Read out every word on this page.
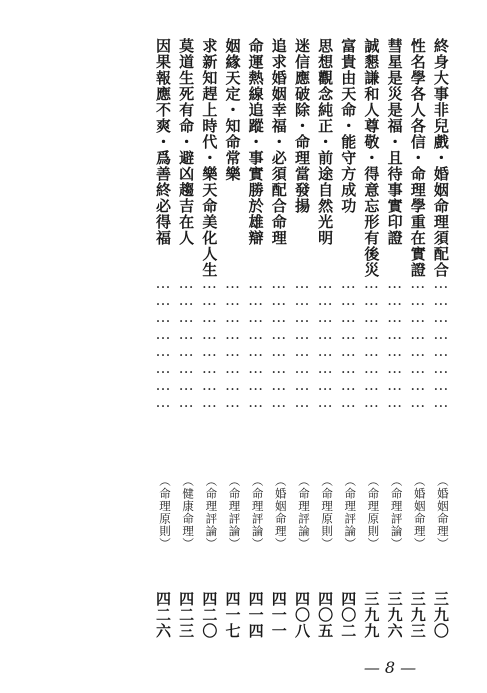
終身大事非兒戲・婚姻命理須配合
……………………
（婚姻命理）
三九〇
性名學各人各信・命理學重在實證
……………………
（婚姻命理）
三九三
彗星是災是福・且待事實印證
……………………
（命理評論）
三九六
誠懇謙和人尊敬・得意忘形有後災
……………………
（命理原則）
三九九
富貴由天命・能守方成功
……………………
（命理評論）
四〇二
思想觀念純正・前途自然光明
……………………
（命理原則）
四〇五
迷信應破除・命理當發揚
……………………
（命理評論）
四〇八
追求婚姻幸福・必須配合命理
……………………
（婚姻命理）
四一一
命運熱線追蹤・事實勝於雄辯
……………………
（命理評論）
四一四
姻緣天定・知命常樂
……………………
（命理評論）
四一七
求新知趕上時代・樂天命美化人生
……………………
（命理評論）
四二〇
莫道生死有命・避凶趨吉在人
……………………
（健康命理）
四二三
因果報應不爽・爲善終必得福
……………………
（命理原則）
四二六
— 8 —
